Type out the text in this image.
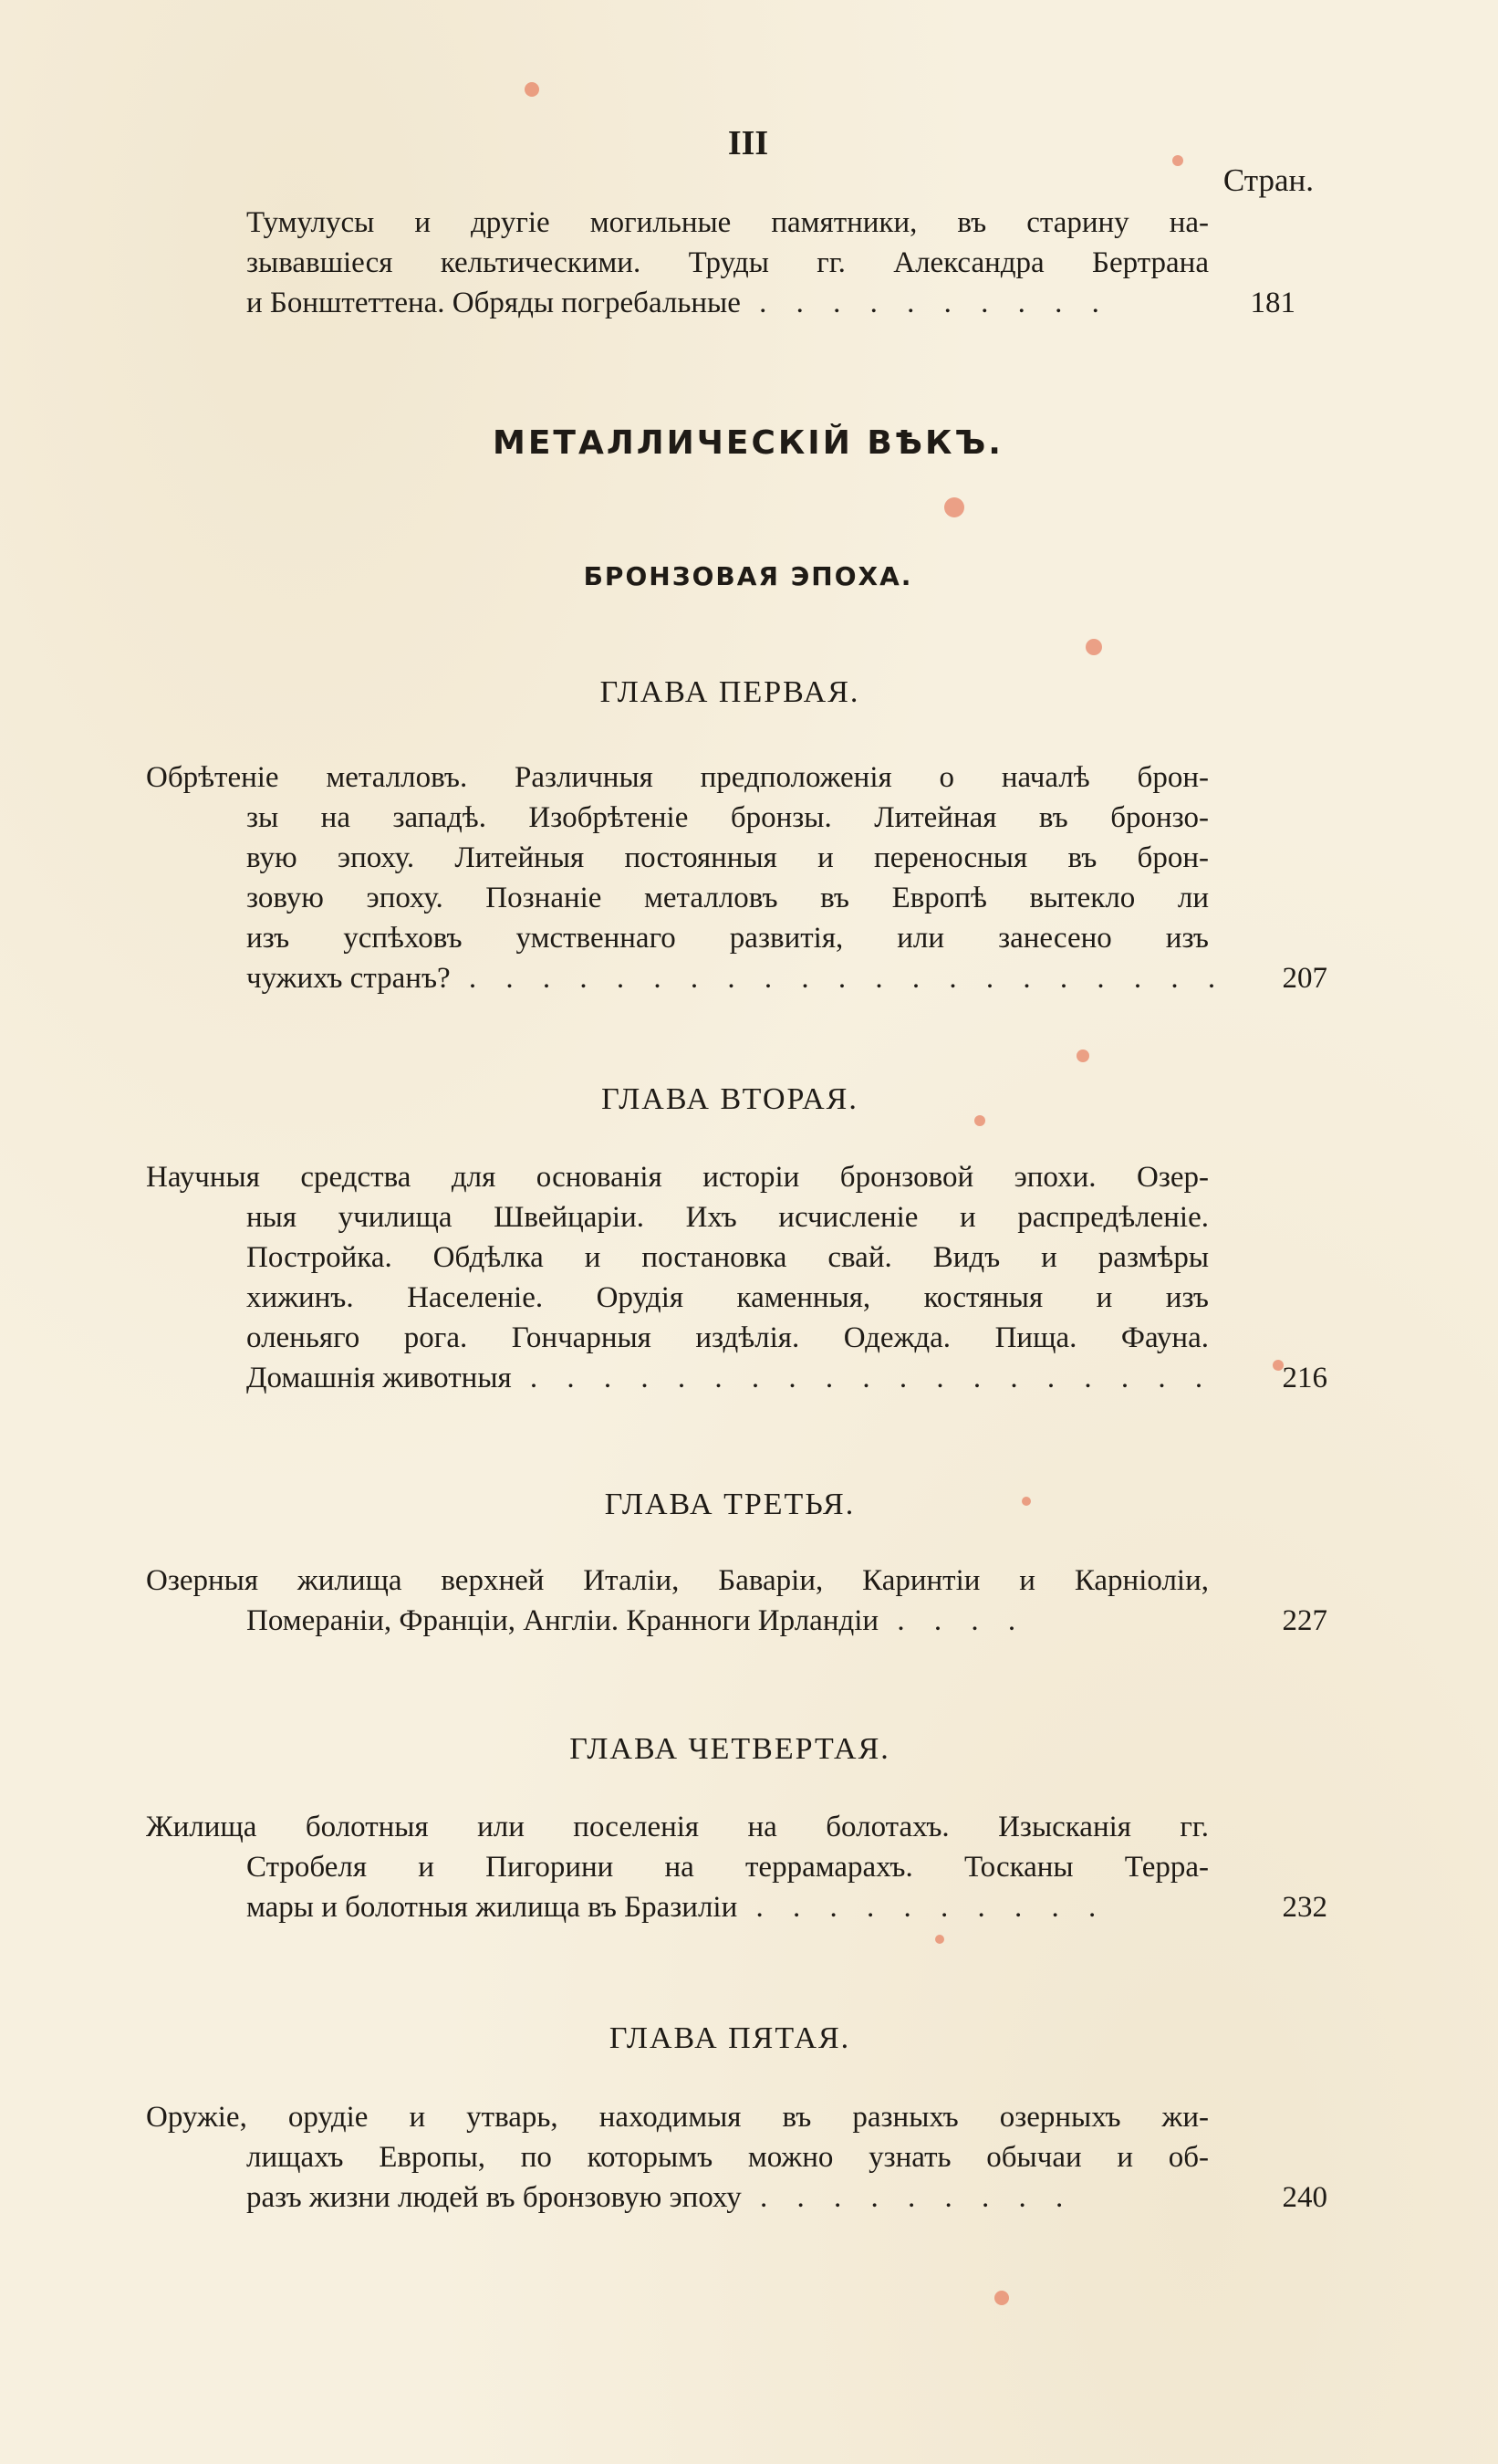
III
Стран.
Тумулусы и другіе могильные памятники, въ старину на-
зывавшіеся кельтическими. Труды гг. Александра Бертрана
и Бонштеттена. Обряды погребальные . . . . . . . . . .	181
МЕТАЛЛИЧЕСКІЙ ВѢКЪ.
БРОНЗОВАЯ ЭПОХА.
ГЛАВА ПЕРВАЯ.
Обрѣтеніе металловъ. Различныя предположенія о началѣ брон-
зы на западѣ. Изобрѣтеніе бронзы. Литейная въ бронзо-
вую эпоху. Литейныя постоянныя и переносныя въ брон-
зовую эпоху. Познаніе металловъ въ Европѣ вытекло ли
изъ успѣховъ умственнаго развитія, или занесено изъ
чужихъ странъ? . . . . . . . . . . . . . . . . . . . . .	207
ГЛАВА ВТОРАЯ.
Научныя средства для основанія исторіи бронзовой эпохи. Озер-
ныя училища Швейцаріи. Ихъ исчисленіе и распредѣленіе.
Постройка. Обдѣлка и постановка свай. Видъ и размѣры
хижинъ. Населеніе. Орудія каменныя, костяныя и изъ
оленьяго рога. Гончарныя издѣлія. Одежда. Пища. Фауна.
Домашнія животныя . . . . . . . . . . . . . . . . . . .	216
ГЛАВА ТРЕТЬЯ.
Озерныя жилища верхней Италіи, Баваріи, Каринтіи и Карніоліи,
Помераніи, Франціи, Англіи. Кранноги Ирландіи . . . .	227
ГЛАВА ЧЕТВЕРТАЯ.
Жилища болотныя или поселенія на болотахъ. Изысканія гг.
Стробеля и Пигорини на террамарахъ. Тосканы Терра-
мары и болотныя жилища въ Бразиліи . . . . . . . . . .	232
ГЛАВА ПЯТАЯ.
Оружіе, орудіе и утварь, находимыя въ разныхъ озерныхъ жи-
лищахъ Европы, по которымъ можно узнать обычаи и об-
разъ жизни людей въ бронзовую эпоху . . . . . . . . .	240
